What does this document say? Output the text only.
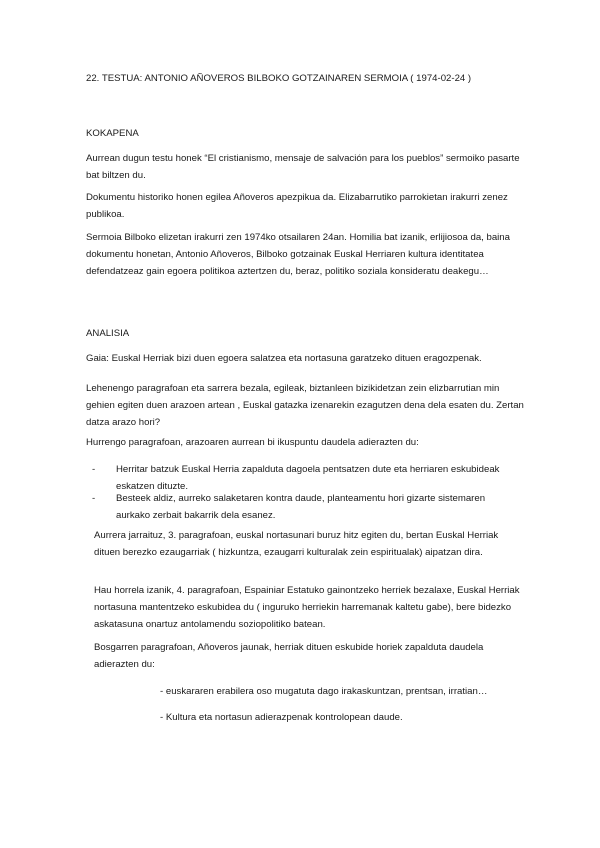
22. TESTUA: ANTONIO AÑOVEROS BILBOKO GOTZAINAREN SERMOIA ( 1974-02-24 )
KOKAPENA
Aurrean dugun testu honek “El cristianismo, mensaje de salvación para los pueblos” sermoiko pasarte bat biltzen du.
Dokumentu historiko honen egilea Añoveros apezpikua da. Elizabarrutiko parrokietan irakurri zenez publikoa.
Sermoia Bilboko elizetan irakurri zen 1974ko otsailaren 24an. Homilia bat izanik, erlijiosoa da, baina dokumentu honetan, Antonio Añoveros, Bilboko gotzainak Euskal Herriaren kultura identitatea defendatzeaz gain egoera politikoa aztertzen du, beraz, politiko soziala konsideratu deakegu…
ANALISIA
Gaia: Euskal Herriak bizi duen egoera salatzea eta nortasuna garatzeko dituen eragozpenak.
Lehenengo paragrafoan eta sarrera bezala, egileak, biztanleen bizikidetzan zein elizbarrutian min gehien egiten duen arazoen artean , Euskal gatazka izenarekin ezagutzen dena dela esaten du. Zertan datza arazo hori?
Hurrengo paragrafoan, arazoaren aurrean bi ikuspuntu daudela adierazten du:
- Herritar batzuk Euskal Herria zapalduta dagoela pentsatzen dute eta herriaren eskubideak eskatzen dituzte.
- Besteek aldiz, aurreko salaketaren kontra daude, planteamentu hori gizarte sistemaren aurkako zerbait bakarrik dela esanez.
Aurrera jarraituz, 3. paragrafoan, euskal nortasunari buruz hitz egiten du, bertan Euskal Herriak dituen berezko ezaugarriak ( hizkuntza, ezaugarri kulturalak zein espiritualak) aipatzan dira.
Hau horrela izanik, 4. paragrafoan, Espainiar Estatuko gainontzeko herriek bezalaxe, Euskal Herriak nortasuna mantentzeko eskubidea du ( inguruko herriekin harremanak kaltetu gabe), bere bidezko askatasuna onartuz antolamendu soziopolitiko batean.
Bosgarren paragrafoan, Añoveros jaunak, herriak dituen eskubide horiek zapalduta daudela adierazten du:
- euskararen erabilera oso mugatuta dago irakaskuntzan, prentsan, irratian…
- Kultura eta nortasun adierazpenak kontrolopean daude.
